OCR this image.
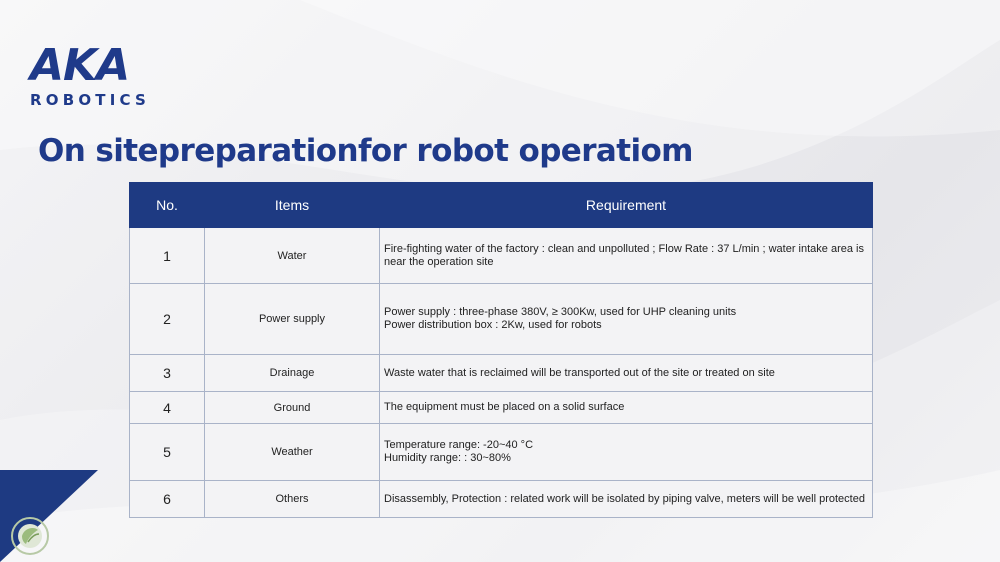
AKA
ROBOTICS
On sitepreparationfor robot operatiom
No.	Items	Requirement
1	Water	Fire-fighting water of the factory : clean and unpolluted ; Flow Rate : 37 L/min ; water intake area is near the operation site

2	Power supply	Power supply : three-phase 380V, ≥ 300Kw, used for UHP cleaning units
Power distribution box : 2Kw, used for robots

3	Drainage	Waste water that is reclaimed will be transported out of the site or treated on site

4	Ground	The equipment must be placed on a solid surface

5	Weather	Temperature range: -20~40 °C
Humidity range: : 30~80%

6	Others	Disassembly, Protection : related work will be isolated by piping valve, meters will be well protected
